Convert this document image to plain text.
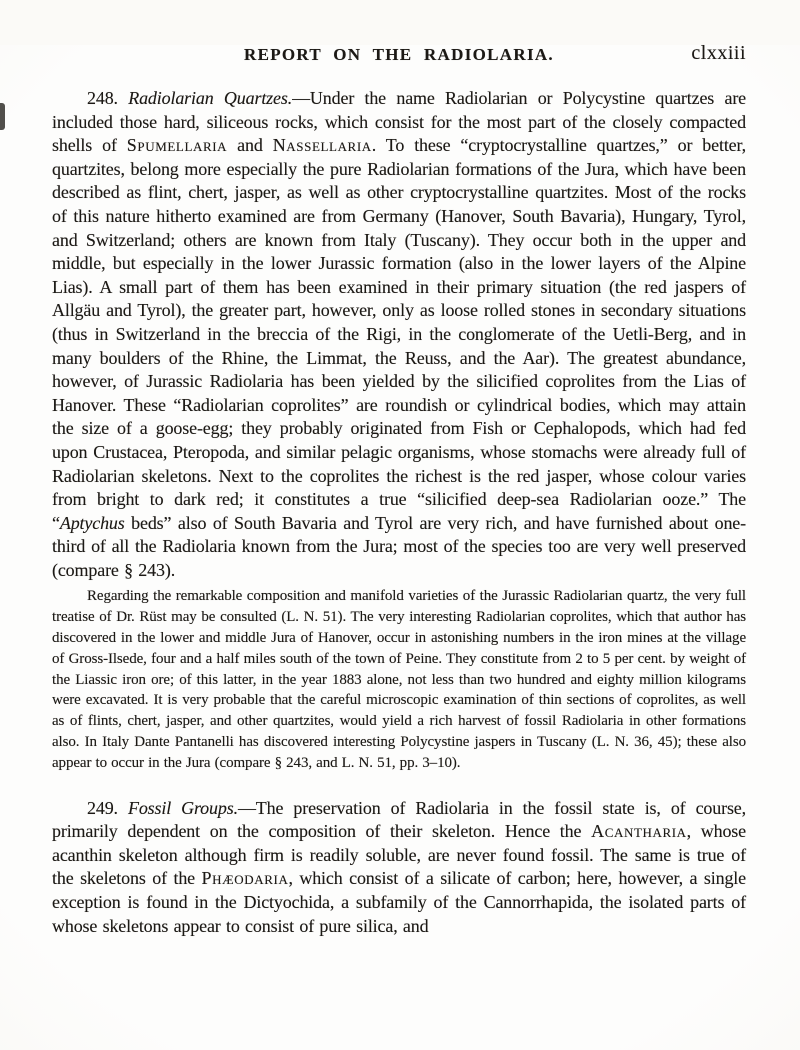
REPORT ON THE RADIOLARIA.	clxxiii

248. Radiolarian Quartzes.—Under the name Radiolarian or Polycystine quartzes are included those hard, siliceous rocks, which consist for the most part of the closely compacted shells of Spumellaria and Nassellaria. To these “cryptocrystalline quartzes,” or better, quartzites, belong more especially the pure Radiolarian formations of the Jura, which have been described as flint, chert, jasper, as well as other cryptocrystalline quartzites. Most of the rocks of this nature hitherto examined are from Germany (Hanover, South Bavaria), Hungary, Tyrol, and Switzerland; others are known from Italy (Tuscany). They occur both in the upper and middle, but especially in the lower Jurassic formation (also in the lower layers of the Alpine Lias). A small part of them has been examined in their primary situation (the red jaspers of Allgäu and Tyrol), the greater part, however, only as loose rolled stones in secondary situations (thus in Switzerland in the breccia of the Rigi, in the conglomerate of the Uetli-Berg, and in many boulders of the Rhine, the Limmat, the Reuss, and the Aar). The greatest abundance, however, of Jurassic Radiolaria has been yielded by the silicified coprolites from the Lias of Hanover. These “Radiolarian coprolites” are roundish or cylindrical bodies, which may attain the size of a goose-egg; they probably originated from Fish or Cephalopods, which had fed upon Crustacea, Pteropoda, and similar pelagic organisms, whose stomachs were already full of Radiolarian skeletons. Next to the coprolites the richest is the red jasper, whose colour varies from bright to dark red; it constitutes a true “silicified deep-sea Radiolarian ooze.” The “Aptychus beds” also of South Bavaria and Tyrol are very rich, and have furnished about one-third of all the Radiolaria known from the Jura; most of the species too are very well preserved (compare § 243).

Regarding the remarkable composition and manifold varieties of the Jurassic Radiolarian quartz, the very full treatise of Dr. Rüst may be consulted (L. N. 51). The very interesting Radiolarian coprolites, which that author has discovered in the lower and middle Jura of Hanover, occur in astonishing numbers in the iron mines at the village of Gross-Ilsede, four and a half miles south of the town of Peine. They constitute from 2 to 5 per cent. by weight of the Liassic iron ore; of this latter, in the year 1883 alone, not less than two hundred and eighty million kilograms were excavated. It is very probable that the careful microscopic examination of thin sections of coprolites, as well as of flints, chert, jasper, and other quartzites, would yield a rich harvest of fossil Radiolaria in other formations also. In Italy Dante Pantanelli has discovered interesting Polycystine jaspers in Tuscany (L. N. 36, 45); these also appear to occur in the Jura (compare § 243, and L. N. 51, pp. 3–10).

249. Fossil Groups.—The preservation of Radiolaria in the fossil state is, of course, primarily dependent on the composition of their skeleton. Hence the Acantharia, whose acanthin skeleton although firm is readily soluble, are never found fossil. The same is true of the skeletons of the Phæodaria, which consist of a silicate of carbon; here, however, a single exception is found in the Dictyochida, a subfamily of the Cannorrhapida, the isolated parts of whose skeletons appear to consist of pure silica, and
